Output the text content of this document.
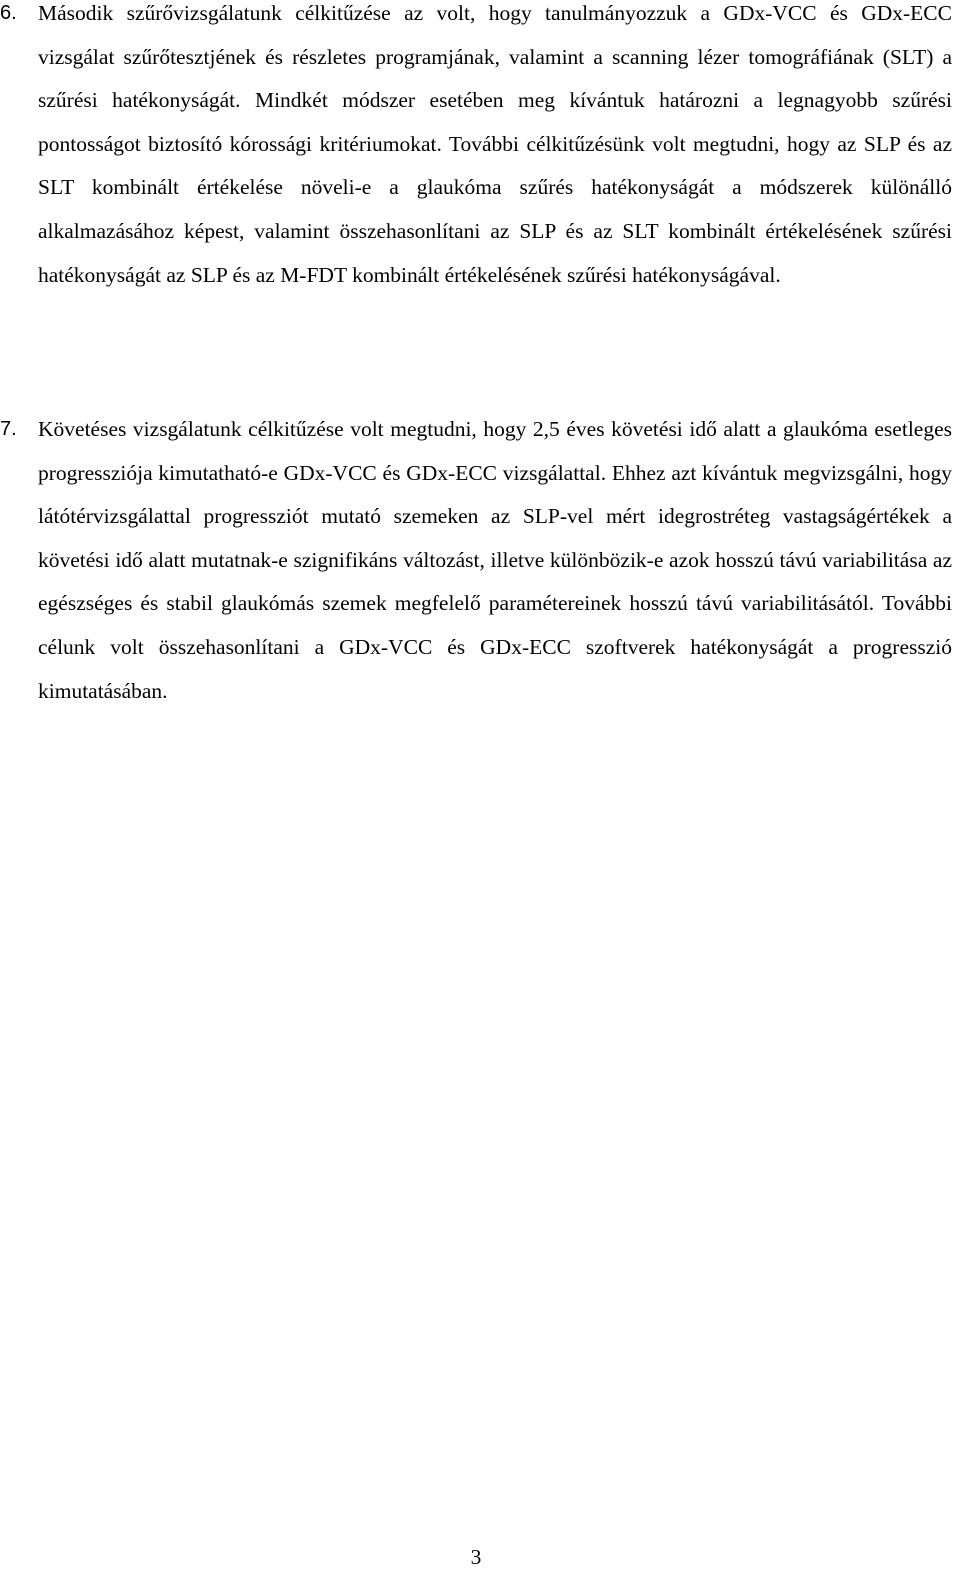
6. Második szűrővizsgálatunk célkitűzése az volt, hogy tanulmányozzuk a GDx-VCC és GDx-ECC vizsgálat szűrőtesztjének és részletes programjának, valamint a scanning lézer tomográfiának (SLT) a szűrési hatékonyságát. Mindkét módszer esetében meg kívántuk határozni a legnagyobb szűrési pontosságot biztosító kórossági kritériumokat. További célkitűzésünk volt megtudni, hogy az SLP és az SLT kombinált értékelése növeli-e a glaukóma szűrés hatékonyságát a módszerek különálló alkalmazásához képest, valamint összehasonlítani az SLP és az SLT kombinált értékelésének szűrési hatékonyságát az SLP és az M-FDT kombinált értékelésének szűrési hatékonyságával.
7. Követéses vizsgálatunk célkitűzése volt megtudni, hogy 2,5 éves követési idő alatt a glaukóma esetleges progressziója kimutatható-e GDx-VCC és GDx-ECC vizsgálattal. Ehhez azt kívántuk megvizsgálni, hogy látótérvizsgálattal progressziót mutató szemeken az SLP-vel mért idegrostréteg vastagságértékek a követési idő alatt mutatnak-e szignifikáns változást, illetve különbözik-e azok hosszú távú variabilitása az egészséges és stabil glaukómás szemek megfelelő paramétereinek hosszú távú variabilitásától. További célunk volt összehasonlítani a GDx-VCC és GDx-ECC szoftverek hatékonyságát a progresszió kimutatásában.
3
